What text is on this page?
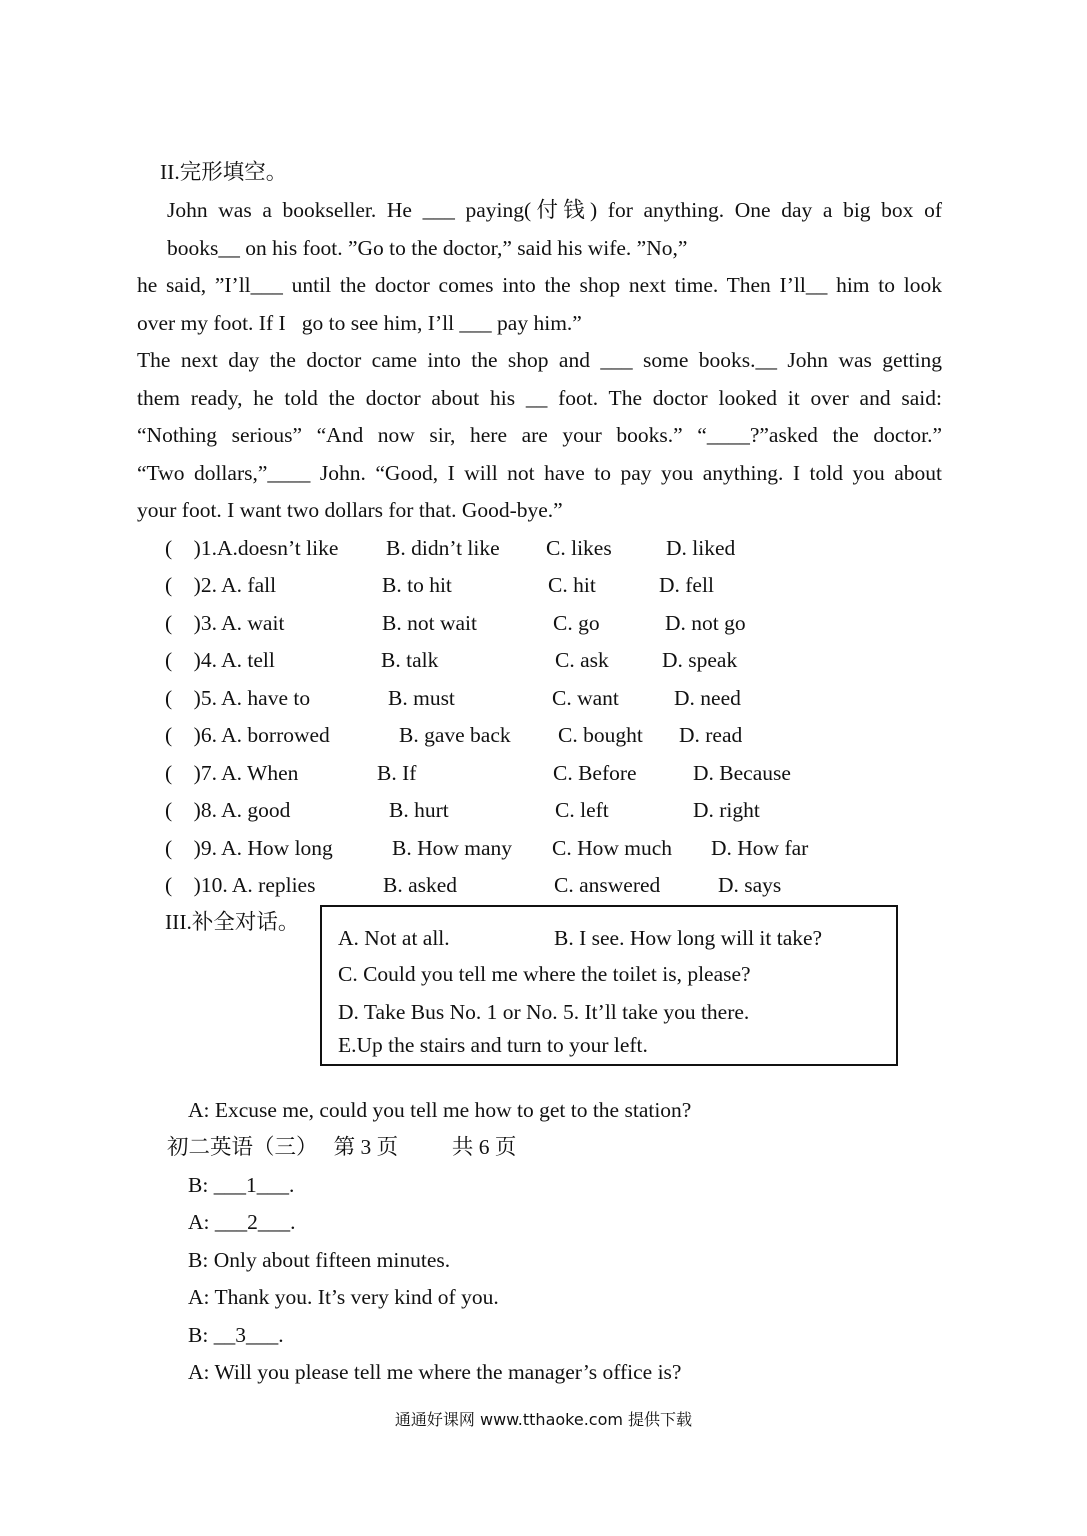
II.完形填空。
John was a bookseller. He ___ paying(付钱) for anything. One day a big box of
books__ on his foot. ”Go to the doctor,” said his wife. ”No,”
he said, ”I’ll___ until the doctor comes into the shop next time. Then I’ll__ him to look
over my foot. If I   go to see him, I’ll ___ pay him.”
The next day the doctor came into the shop and ___ some books.__ John was getting
them ready, he told the doctor about his __ foot. The doctor looked it over and said:
“Nothing serious” “And now sir, here are your books.” “____?”asked the doctor.”
“Two dollars,”____ John. “Good, I will not have to pay you anything. I told you about
your foot. I want two dollars for that. Good-bye.”
(    )1.A.doesn’t like B. didn’t like C. likes	D. liked
(    )2. A. fall	B. to hit	C. hit	D. fell
(    )3. A. wait	B. not wait	C. go	D. not go
(    )4. A. tell	B. talk	C. ask D. speak
(    )5. A. have to	B. must	C. want	D. need
(    )6. A. borrowed	B. gave back C. bought D. read
(    )7. A. When	B. If	C. Before	D. Because
(    )8. A. good	B. hurt	C. left	D. right
(    )9. A. How long	B. How many C. How much D. How far
(    )10. A. replies	B. asked	C. answered	D. says
III.补全对话。
A. Not at all.	B. I see. How long will it take?
C. Could you tell me where the toilet is, please?
D. Take Bus No. 1 or No. 5. It’ll take you there.
E.Up the stairs and turn to your left.
A: Excuse me, could you tell me how to get to the station?
初二英语（三）   第 3 页          共 6 页
B: ___1___.
A: ___2___.
B: Only about fifteen minutes.
A: Thank you. It’s very kind of you.
B: __3___.
A: Will you please tell me where the manager’s office is?
通通好课网 www.tthaoke.com 提供下载
